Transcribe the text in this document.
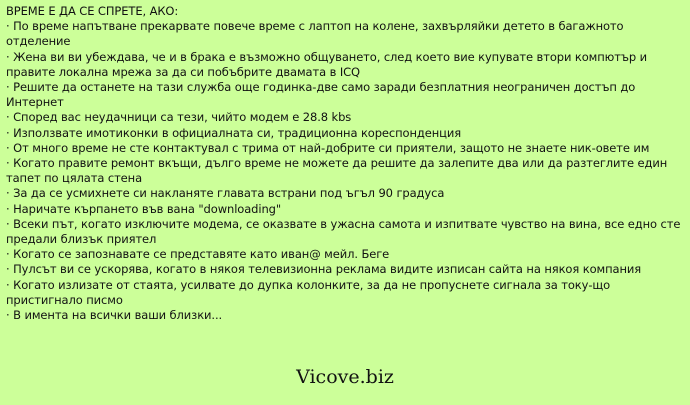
ВРЕМЕ Е ДА СЕ СПРЕТЕ, АКО:
· По време напътване прекарвате повече време с лаптоп на колене, захвърляйки детето в багажното отделение
· Жена ви ви убеждава, че и в брака е възможно общуването, след което вие купувате втори компютър и правите локална мрежа за да си побъбрите двамата в ICQ
· Решите да останете на тази служба още годинка-две само заради безплатния неограничен достъп до Интернет
· Според вас неудачници са тези, чийто модем е 28.8 kbs
· Използвате имотиконки в официалната си, традиционна кореспонденция
· От много време не сте контактувал с трима от най-добрите си приятели, защото не знаете ник-овете им
· Когато правите ремонт вкъщи, дълго време не можете да решите да залепите два или да разтеглите един тапет по цялата стена
· За да се усмихнете си накланяте главата встрани под ъгъл 90 градуса
· Наричате кърпането във вана "downloading"
· Всеки път, когато изключите модема, се оказвате в ужасна самота и изпитвате чувство на вина, все едно сте предали близък приятел
· Когато се запознавате се представяте като иван@ мейл. Бегe
· Пулсът ви се ускорява, когато в някоя телевизионна реклама видите изписан сайта на някоя компания
· Когато излизате от стаята, усилвате до дупка колонките, за да не пропуснете сигнала за току-що пристигнало писмо
· В имента на всички ваши близки...
Vicove.biz
